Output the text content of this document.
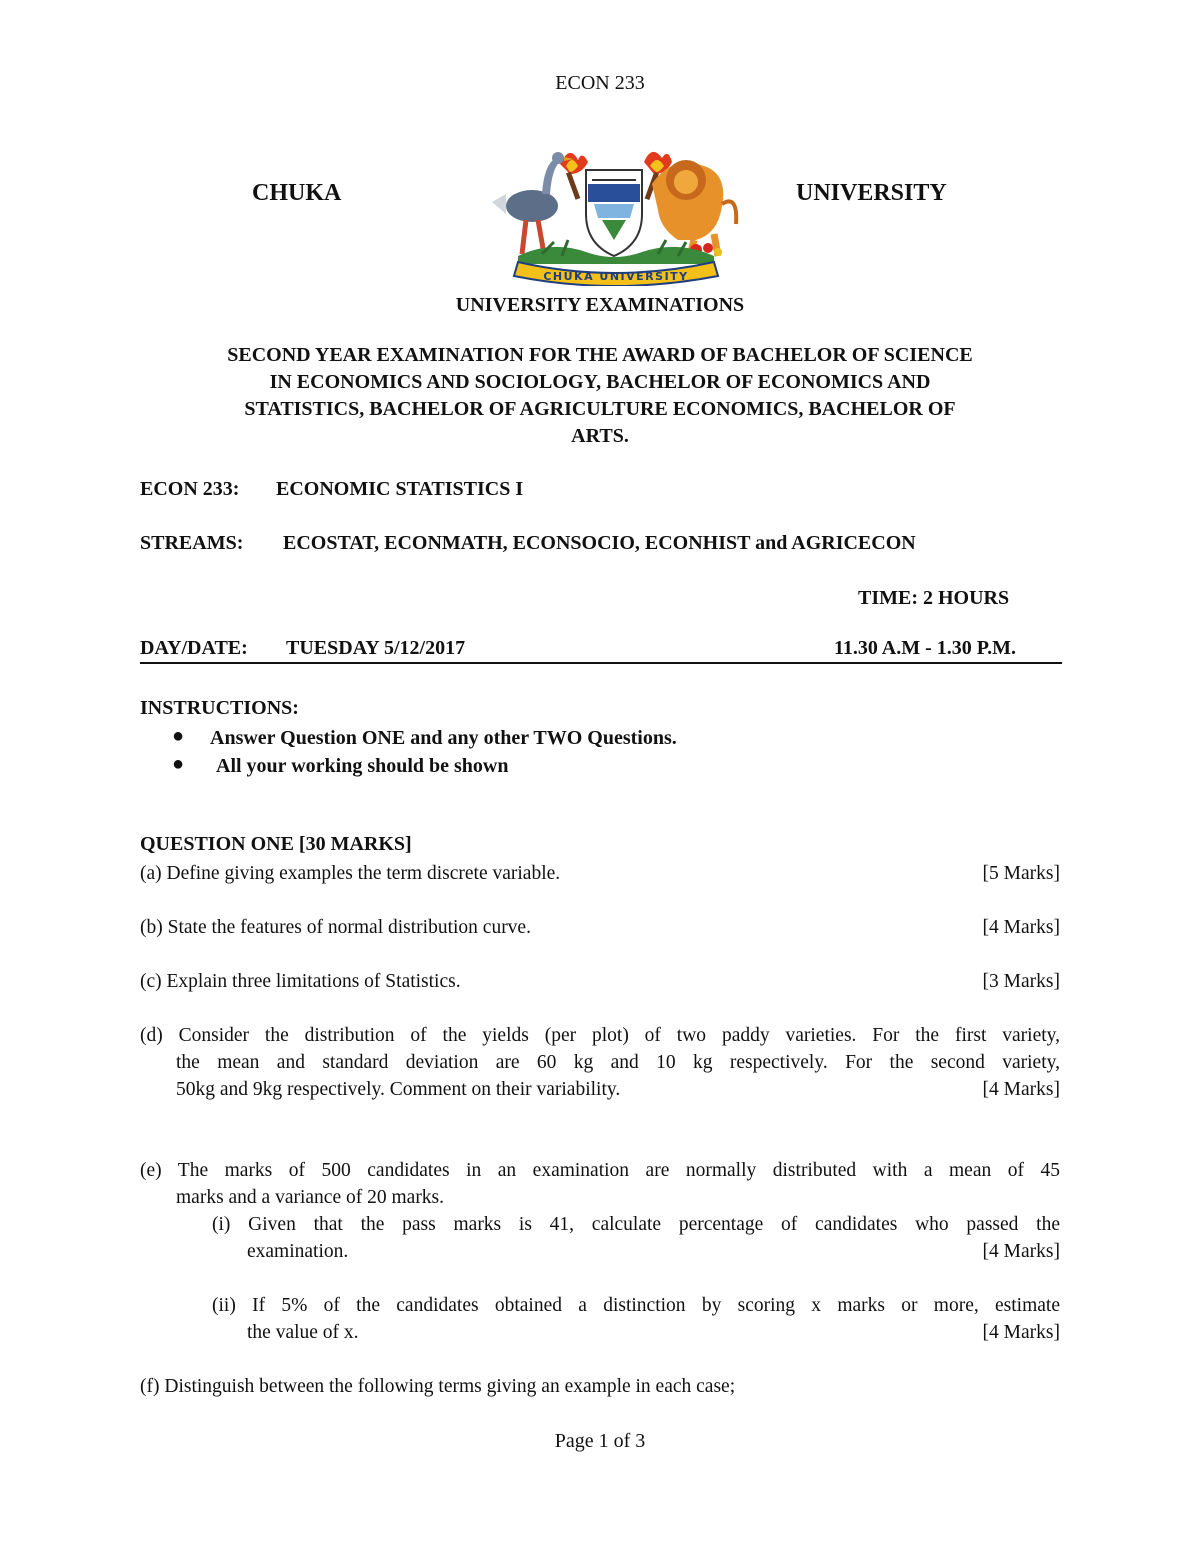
ECON 233
CHUKA	UNIVERSITY
CHUKA UNIVERSITY
UNIVERSITY EXAMINATIONS
SECOND YEAR EXAMINATION FOR THE AWARD OF BACHELOR OF SCIENCE
IN ECONOMICS AND SOCIOLOGY, BACHELOR OF ECONOMICS AND
STATISTICS, BACHELOR OF AGRICULTURE ECONOMICS, BACHELOR OF
ARTS.
ECON 233: ECONOMIC STATISTICS I
STREAMS: ECOSTAT, ECONMATH, ECONSOCIO, ECONHIST and AGRICECON
TIME: 2 HOURS
DAY/DATE: TUESDAY 5/12/2017	11.30 A.M - 1.30 P.M.
INSTRUCTIONS:
● Answer Question ONE and any other TWO Questions.
● All your working should be shown
QUESTION ONE [30 MARKS]
(a) Define giving examples the term discrete variable.	[5 Marks]
(b) State the features of normal distribution curve.	[4 Marks]
(c) Explain three limitations of Statistics.	[3 Marks]
(d) Consider the distribution of the yields (per plot) of two paddy varieties. For the first variety,
the mean and standard deviation are 60 kg and 10 kg respectively. For the second variety,
50kg and 9kg respectively. Comment on their variability.	[4 Marks]
(e) The marks of 500 candidates in an examination are normally distributed with a mean of 45
marks and a variance of 20 marks.
(i) Given that the pass marks is 41, calculate percentage of candidates who passed the
examination.	[4 Marks]
(ii) If 5% of the candidates obtained a distinction by scoring x marks or more, estimate
the value of x.	[4 Marks]
(f) Distinguish between the following terms giving an example in each case;
Page 1 of 3
